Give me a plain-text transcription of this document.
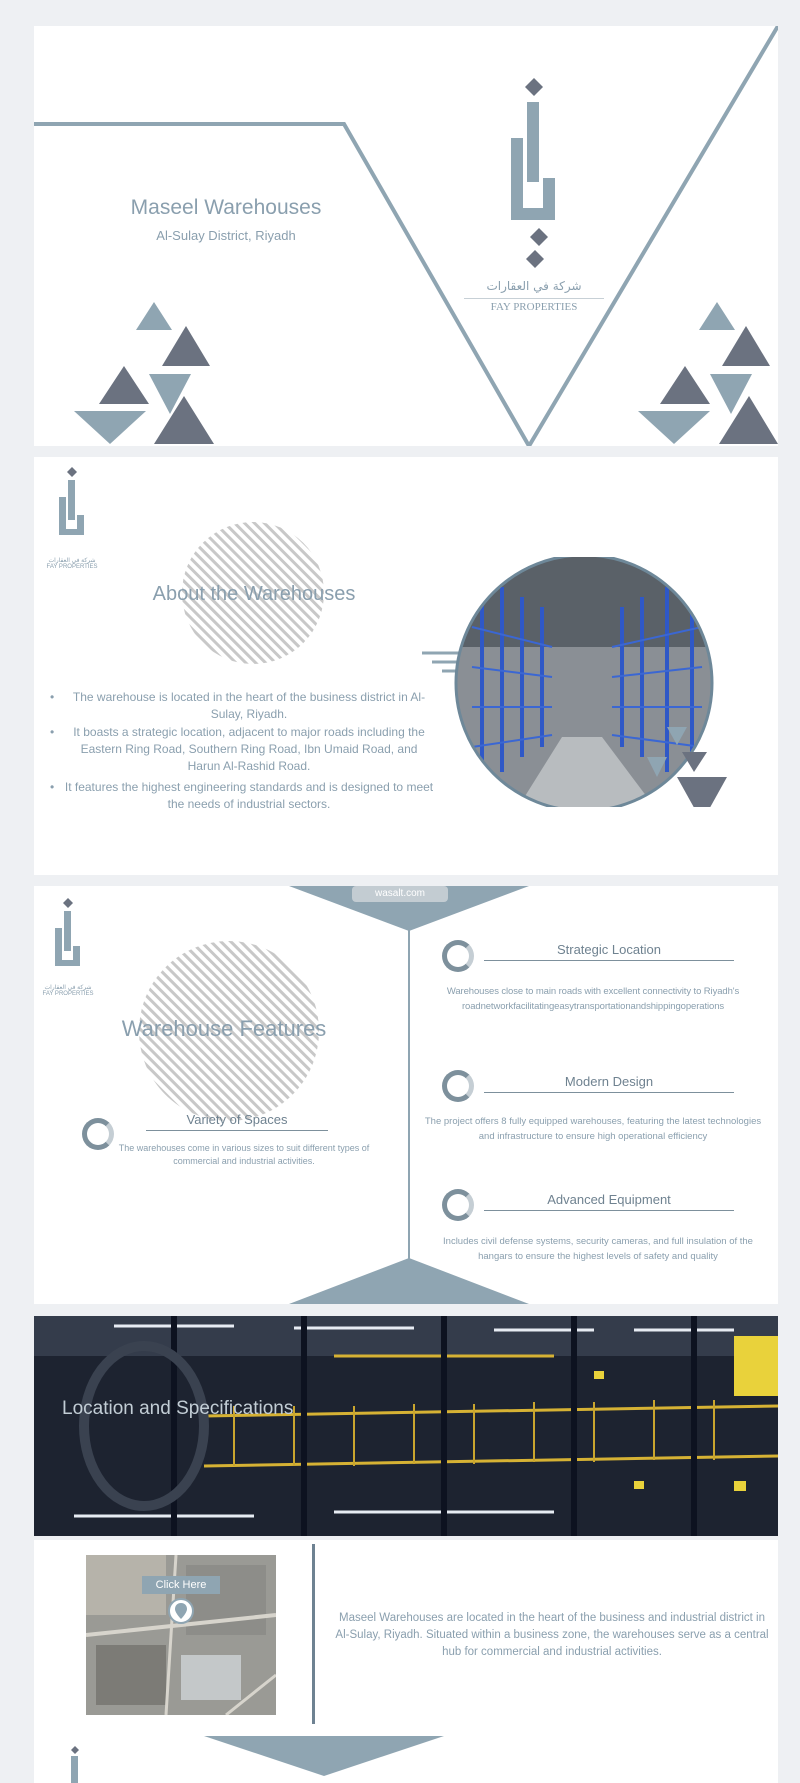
Maseel Warehouses
Al-Sulay District, Riyadh
شركة في العقارات
FAY PROPERTIES
شركة في العقارات
FAY PROPERTIES
About the Warehouses
• The warehouse is located in the heart of the business district in Al-Sulay, Riyadh.
• It boasts a strategic location, adjacent to major roads including the Eastern Ring Road, Southern Ring Road, Ibn Umaid Road, and Harun Al-Rashid Road.
• It features the highest engineering standards and is designed to meet the needs of industrial sectors.
wasalt.com
شركة في العقارات
FAY PROPERTIES
Warehouse Features
Variety of Spaces
The warehouses come in various sizes to suit different types of commercial and industrial activities.
Strategic Location
Warehouses close to main roads with excellent connectivity to Riyadh's roadnetworkfacilitatingeasytransportationandshippingoperations
Modern Design
The project offers 8 fully equipped warehouses, featuring the latest technologies and infrastructure to ensure high operational efficiency
Advanced Equipment
Includes civil defense systems, security cameras, and full insulation of the hangars to ensure the highest levels of safety and quality
Location and Specifications
Click Here
Maseel Warehouses are located in the heart of the business and industrial district in Al-Sulay, Riyadh. Situated within a business zone, the warehouses serve as a central hub for commercial and industrial activities.
